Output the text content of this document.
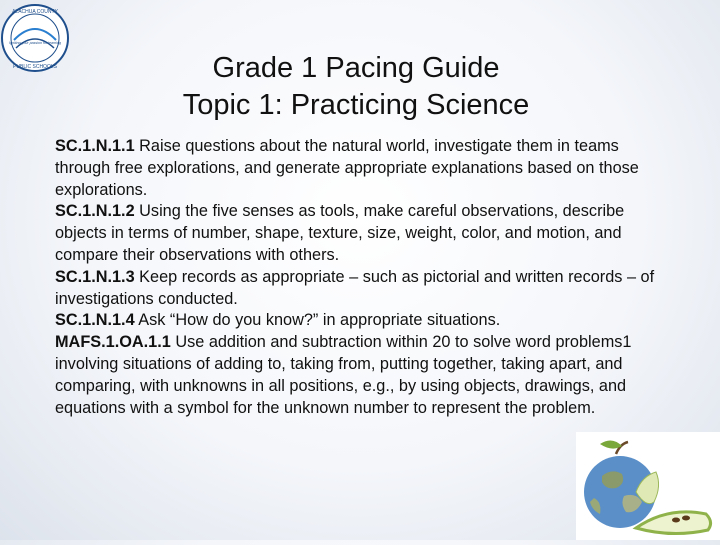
ALACHUA COUNTY
Igniting your passion for learning
PUBLIC SCHOOLS	Grade 1 Pacing Guide
Topic 1: Practicing Science

SC.1.N.1.1 Raise questions about the natural world, investigate them in teams through free explorations, and generate appropriate explanations based on those explorations.

SC.1.N.1.2 Using the five senses as tools, make careful observations, describe objects in terms of number, shape, texture, size, weight, color, and motion, and compare their observations with others.

SC.1.N.1.3 Keep records as appropriate – such as pictorial and written records – of investigations conducted.

SC.1.N.1.4 Ask “How do you know?” in appropriate situations.

MAFS.1.OA.1.1 Use addition and subtraction within 20 to solve word problems1 involving situations of adding to, taking from, putting together, taking apart, and comparing, with unknowns in all positions, e.g., by using objects, drawings, and equations with a symbol for the unknown number to represent the problem.
